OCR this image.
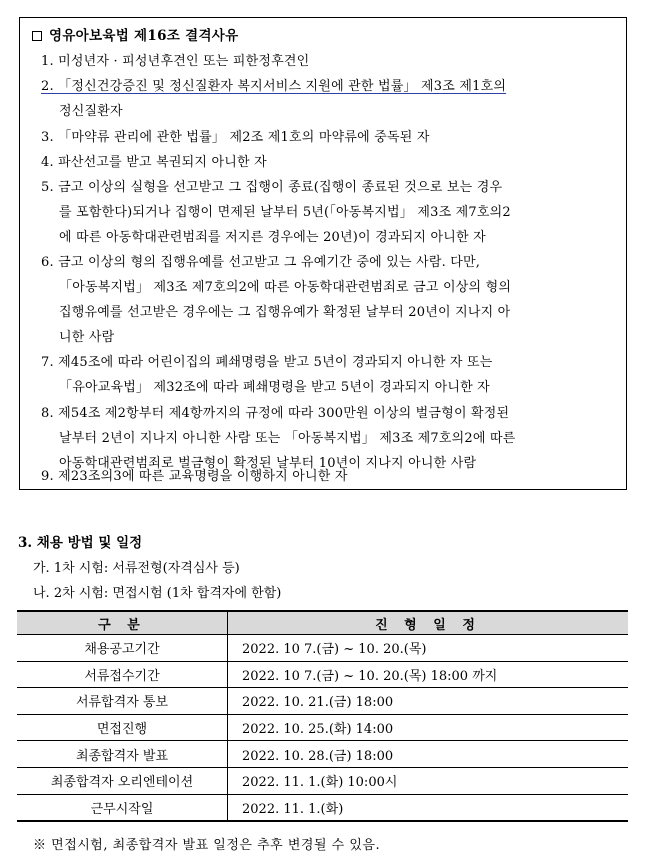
영유아보육법 제16조 결격사유
1. 미성년자 · 피성년후견인 또는 피한정후견인
2. 「정신건강증진 및 정신질환자 복지서비스 지원에 관한 법률」 제3조 제1호의
정신질환자
3. 「마약류 관리에 관한 법률」 제2조 제1호의 마약류에 중독된 자
4. 파산선고를 받고 복권되지 아니한 자
5. 금고 이상의 실형을 선고받고 그 집행이 종료(집행이 종료된 것으로 보는 경우
를 포함한다)되거나 집행이 면제된 날부터 5년(「아동복지법」 제3조 제7호의2
에 따른 아동학대관련범죄를 저지른 경우에는 20년)이 경과되지 아니한 자
6. 금고 이상의 형의 집행유예를 선고받고 그 유예기간 중에 있는 사람. 다만,
「아동복지법」 제3조 제7호의2에 따른 아동학대관련범죄로 금고 이상의 형의
집행유예를 선고받은 경우에는 그 집행유예가 확정된 날부터 20년이 지나지 아
니한 사람
7. 제45조에 따라 어린이집의 폐쇄명령을 받고 5년이 경과되지 아니한 자 또는
「유아교육법」 제32조에 따라 폐쇄명령을 받고 5년이 경과되지 아니한 자
8. 제54조 제2항부터 제4항까지의 규정에 따라 300만원 이상의 벌금형이 확정된
날부터 2년이 지나지 아니한 사람 또는 「아동복지법」 제3조 제7호의2에 따른
아동학대관련범죄로 벌금형이 확정된 날부터 10년이 지나지 아니한 사람
9. 제23조의3에 따른 교육명령을 이행하지 아니한 자
3. 채용 방법 및 일정
가. 1차 시험: 서류전형(자격심사 등)
나. 2차 시험: 면접시험 (1차 합격자에 한함)
구 분	진 형 일 정
채용공고기간	2022. 10 7.(금) ~ 10. 20.(목)
서류접수기간	2022. 10 7.(금) ~ 10. 20.(목) 18:00 까지
서류합격자 통보	2022. 10. 21.(금) 18:00
면접진행	2022. 10. 25.(화) 14:00
최종합격자 발표	2022. 10. 28.(금) 18:00
최종합격자 오리엔테이션	2022. 11. 1.(화) 10:00시
근무시작일	2022. 11. 1.(화)
※ 면접시험, 최종합격자 발표 일정은 추후 변경될 수 있음.
